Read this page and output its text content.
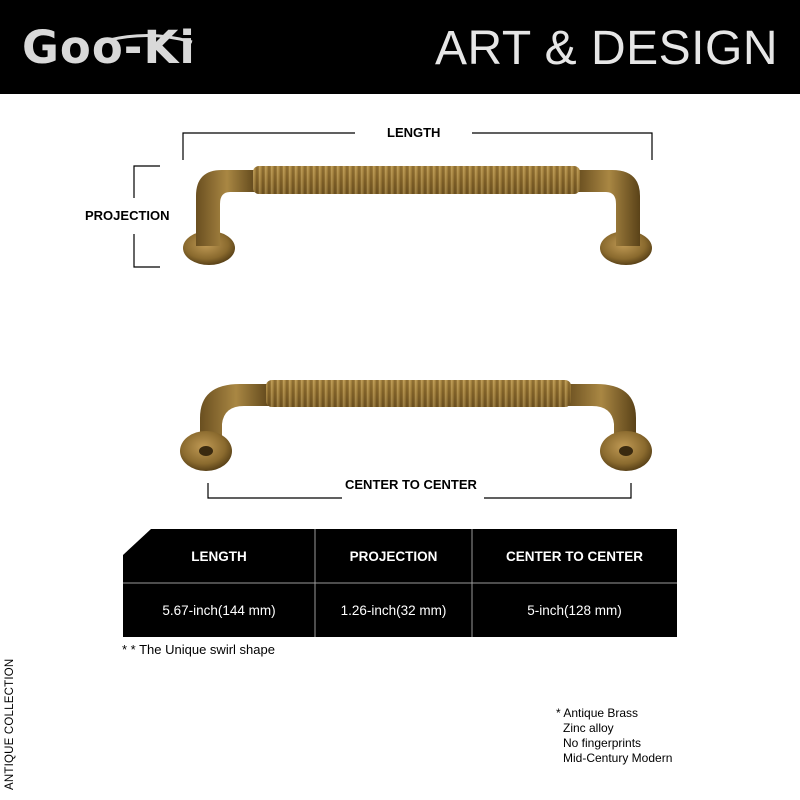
Goo-Ki	ART & DESIGN
LENGTH
PROJECTION
CENTER TO CENTER
LENGTH	PROJECTION	CENTER TO CENTER
5.67-inch(144 mm)	1.26-inch(32 mm)	5-inch(128 mm)
* * The Unique swirl shape
ANTIQUE COLLECTION	* Antique Brass
Zinc alloy
No fingerprints
Mid-Century Modern
